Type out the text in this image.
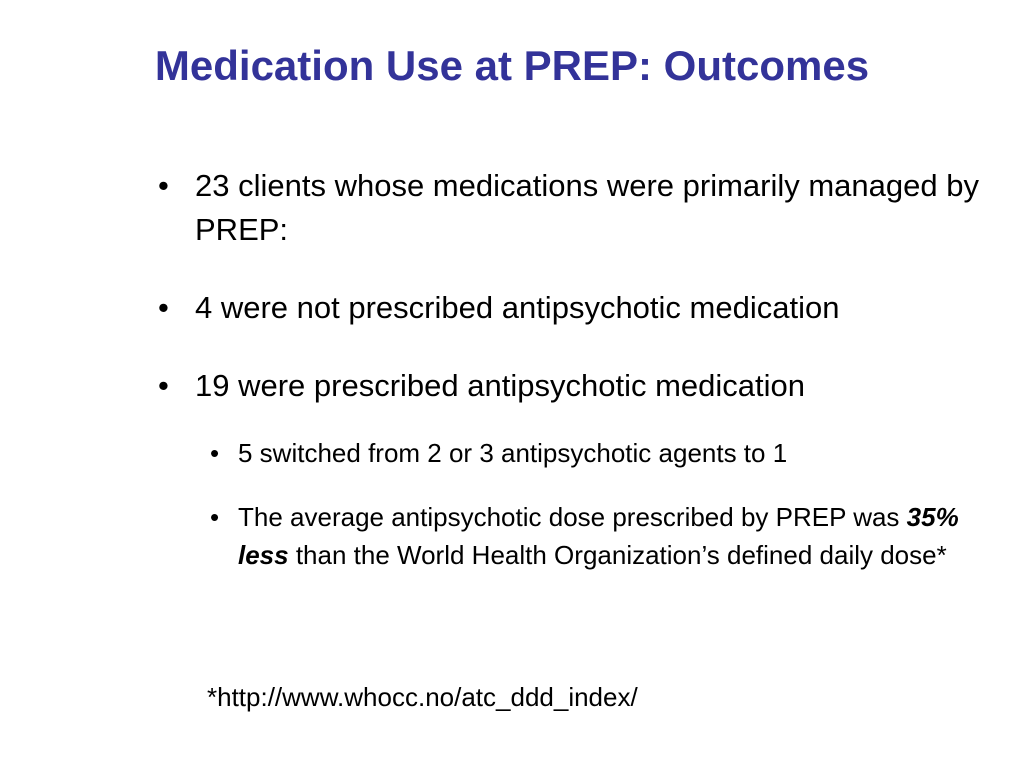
Medication Use at PREP: Outcomes
• 23 clients whose medications were primarily managed by PREP:
• 4 were not prescribed antipsychotic medication
• 19 were prescribed antipsychotic medication
• 5 switched from 2 or 3 antipsychotic agents to 1
• The average antipsychotic dose prescribed by PREP was 35% less than the World Health Organization’s defined daily dose*

*http://www.whocc.no/atc_ddd_index/
